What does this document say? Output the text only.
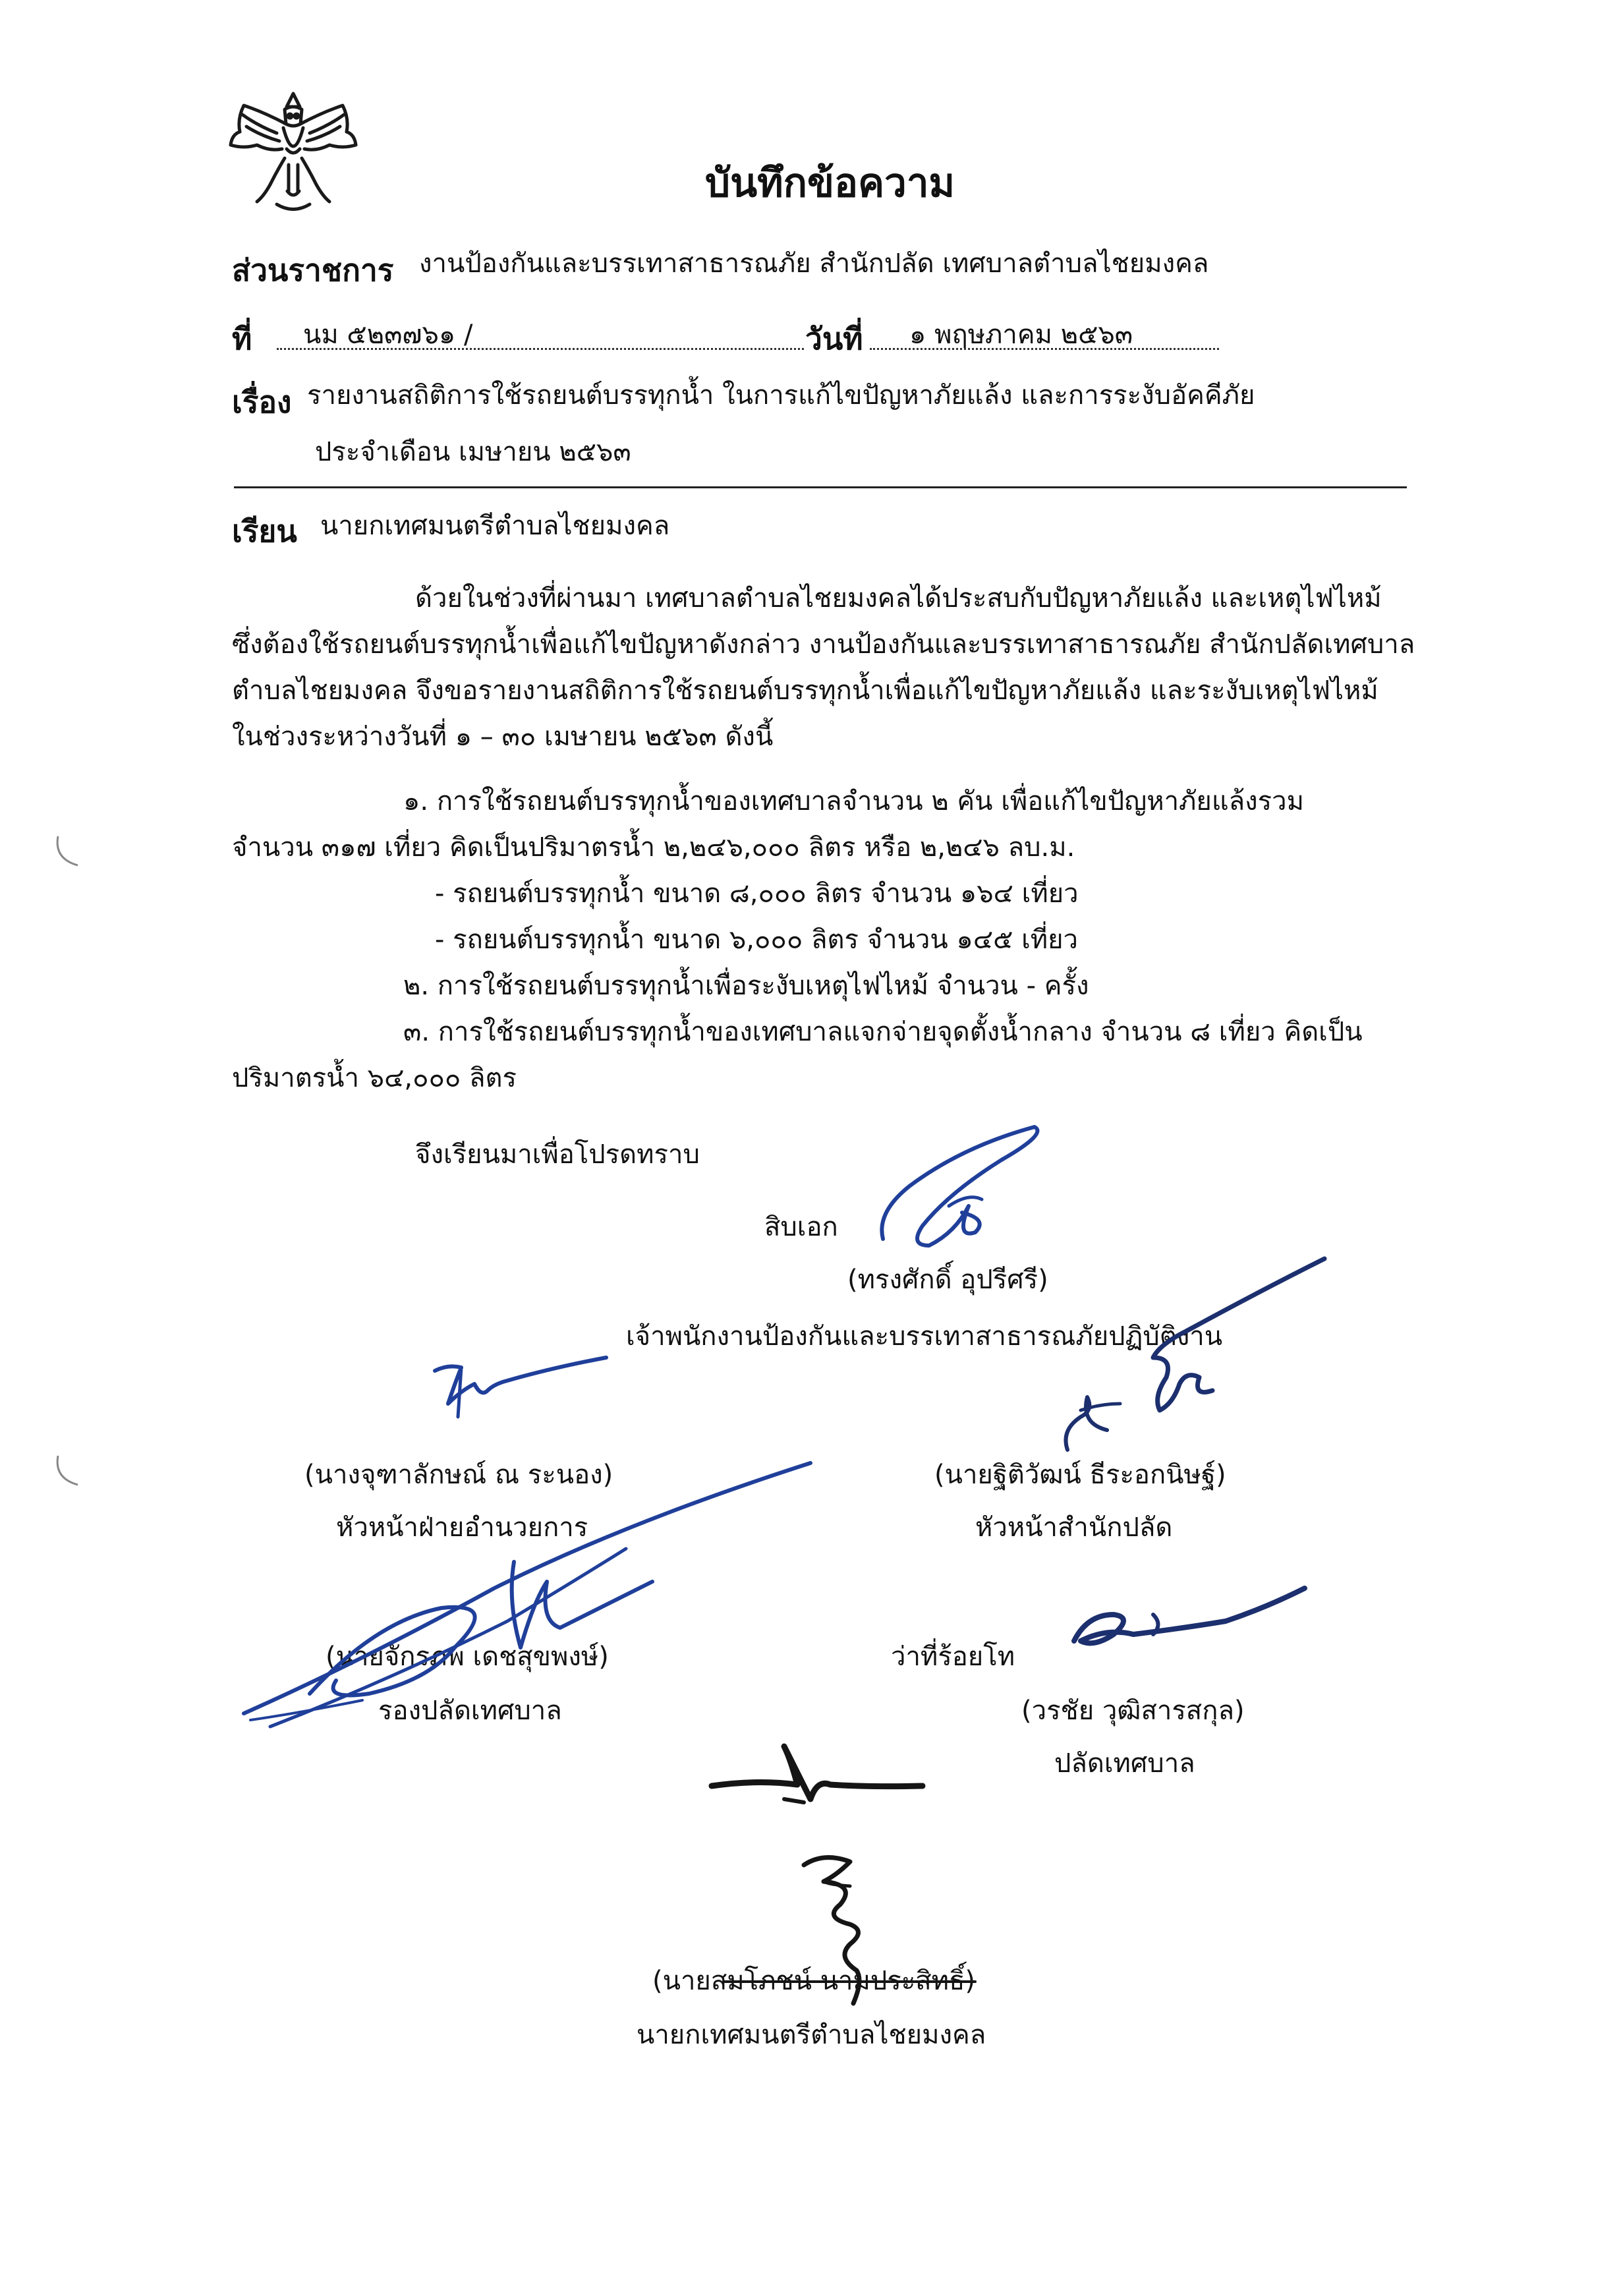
บันทึกข้อความ
ส่วนราชการ งานป้องกันและบรรเทาสาธารณภัย สำนักปลัด เทศบาลตำบลไชยมงคล
ที่	นม ๕๒๓๗๖๑ /	วันที่	๑ พฤษภาคม ๒๕๖๓
เรื่อง รายงานสถิติการใช้รถยนต์บรรทุกน้ำ ในการแก้ไขปัญหาภัยแล้ง และการระงับอัคคีภัย
ประจำเดือน เมษายน ๒๕๖๓
เรียน นายกเทศมนตรีตำบลไชยมงคล
ด้วยในช่วงที่ผ่านมา เทศบาลตำบลไชยมงคลได้ประสบกับปัญหาภัยแล้ง และเหตุไฟไหม้
ซึ่งต้องใช้รถยนต์บรรทุกน้ำเพื่อแก้ไขปัญหาดังกล่าว งานป้องกันและบรรเทาสาธารณภัย สำนักปลัดเทศบาล
ตำบลไชยมงคล จึงขอรายงานสถิติการใช้รถยนต์บรรทุกน้ำเพื่อแก้ไขปัญหาภัยแล้ง และระงับเหตุไฟไหม้
ในช่วงระหว่างวันที่ ๑ – ๓๐ เมษายน ๒๕๖๓ ดังนี้
๑. การใช้รถยนต์บรรทุกน้ำของเทศบาลจำนวน ๒ คัน เพื่อแก้ไขปัญหาภัยแล้งรวม
จำนวน ๓๑๗ เที่ยว คิดเป็นปริมาตรน้ำ ๒,๒๔๖,๐๐๐ ลิตร หรือ ๒,๒๔๖ ลบ.ม.
- รถยนต์บรรทุกน้ำ ขนาด ๘,๐๐๐ ลิตร จำนวน ๑๖๔ เที่ยว
- รถยนต์บรรทุกน้ำ ขนาด ๖,๐๐๐ ลิตร จำนวน ๑๔๕ เที่ยว
๒. การใช้รถยนต์บรรทุกน้ำเพื่อระงับเหตุไฟไหม้ จำนวน - ครั้ง
๓. การใช้รถยนต์บรรทุกน้ำของเทศบาลแจกจ่ายจุดตั้งน้ำกลาง จำนวน ๘ เที่ยว คิดเป็น
ปริมาตรน้ำ ๖๔,๐๐๐ ลิตร
จึงเรียนมาเพื่อโปรดทราบ
สิบเอก
(ทรงศักดิ์ อุปรีศรี)
เจ้าพนักงานป้องกันและบรรเทาสาธารณภัยปฏิบัติงาน
(นางจุฑาลักษณ์ ณ ระนอง)
หัวหน้าฝ่ายอำนวยการ
(นายฐิติวัฒน์ ธีระอกนิษฐ์)
หัวหน้าสำนักปลัด
(นายจักรภพ เดชสุขพงษ์)
รองปลัดเทศบาล
ว่าที่ร้อยโท
(วรชัย วุฒิสารสกุล)
ปลัดเทศบาล
(นายสมโภชน์ นามประสิทธิ์)
นายกเทศมนตรีตำบลไชยมงคล
